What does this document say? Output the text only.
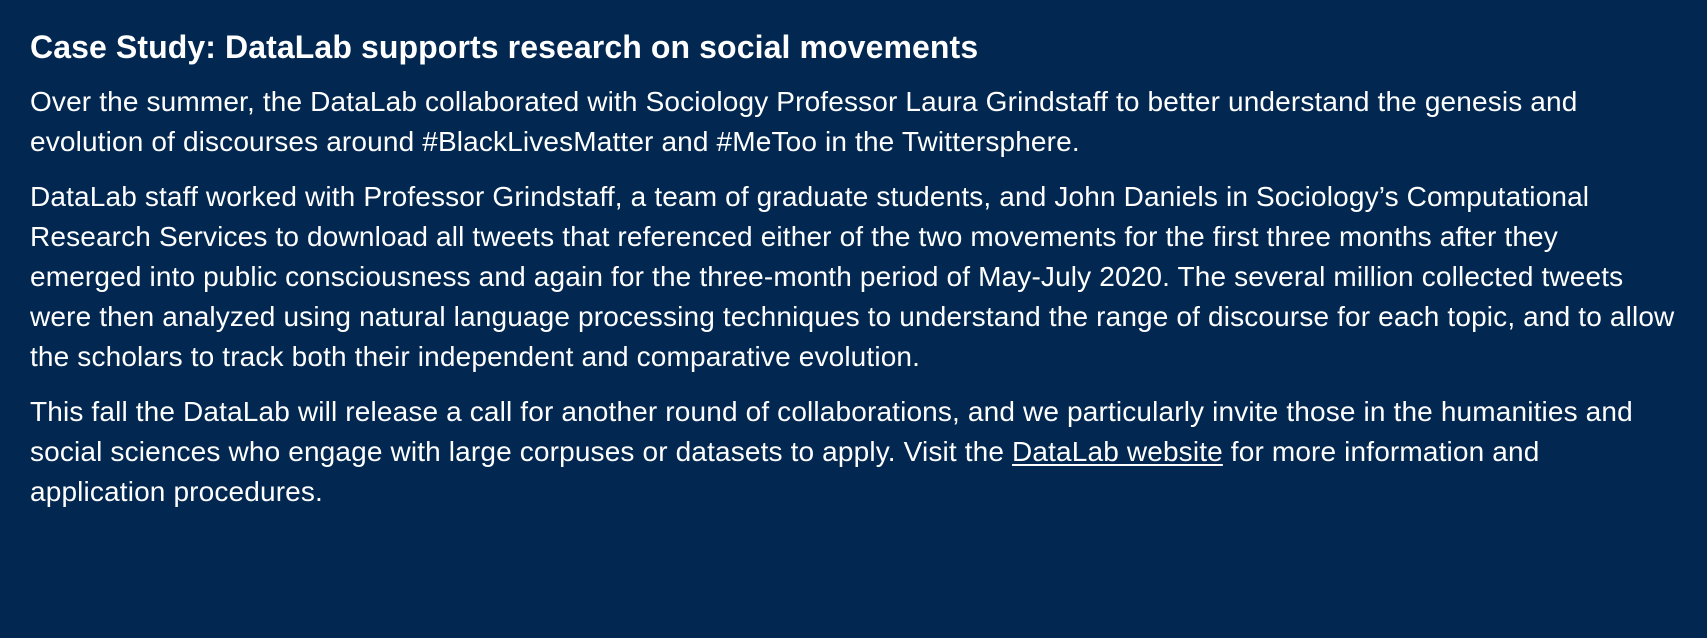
Case Study: DataLab supports research on social movements

Over the summer, the DataLab collaborated with Sociology Professor Laura Grindstaff to better understand the genesis and evolution of discourses around #BlackLivesMatter and #MeToo in the Twittersphere.

DataLab staff worked with Professor Grindstaff, a team of graduate students, and John Daniels in Sociology’s Computational Research Services to download all tweets that referenced either of the two movements for the first three months after they emerged into public consciousness and again for the three-month period of May-July 2020. The several million collected tweets were then analyzed using natural language processing techniques to understand the range of discourse for each topic, and to allow the scholars to track both their independent and comparative evolution.

This fall the DataLab will release a call for another round of collaborations, and we particularly invite those in the humanities and social sciences who engage with large corpuses or datasets to apply. Visit the DataLab website for more information and application procedures.
